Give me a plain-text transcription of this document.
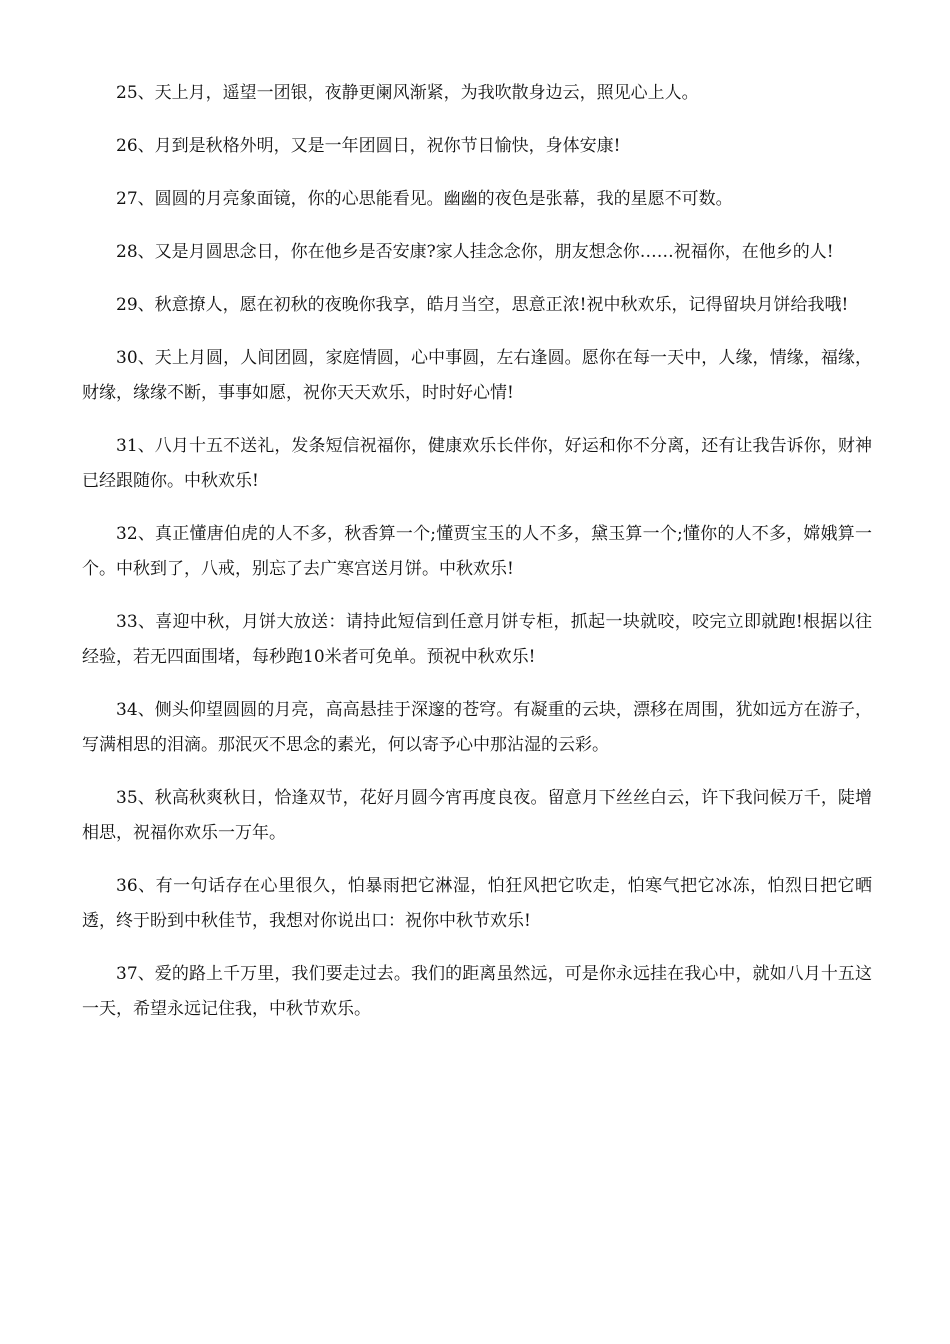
25、天上月，遥望一团银，夜静更阑风渐紧，为我吹散身边云，照见心上人。

26、月到是秋格外明，又是一年团圆日，祝你节日愉快，身体安康!

27、圆圆的月亮象面镜，你的心思能看见。幽幽的夜色是张幕，我的星愿不可数。

28、又是月圆思念日，你在他乡是否安康?家人挂念念你，朋友想念你……祝福你，在他乡的人!

29、秋意撩人，愿在初秋的夜晚你我享，皓月当空，思意正浓!祝中秋欢乐，记得留块月饼给我哦!

30、天上月圆，人间团圆，家庭情圆，心中事圆，左右逢圆。愿你在每一天中，人缘，情缘，福缘，财缘，缘缘不断，事事如愿，祝你天天欢乐，时时好心情!

31、八月十五不送礼，发条短信祝福你，健康欢乐长伴你，好运和你不分离，还有让我告诉你，财神已经跟随你。中秋欢乐!

32、真正懂唐伯虎的人不多，秋香算一个;懂贾宝玉的人不多，黛玉算一个;懂你的人不多，嫦娥算一个。中秋到了，八戒，别忘了去广寒宫送月饼。中秋欢乐!

33、喜迎中秋，月饼大放送：请持此短信到任意月饼专柜，抓起一块就咬，咬完立即就跑!根据以往经验，若无四面围堵，每秒跑10米者可免单。预祝中秋欢乐!

34、侧头仰望圆圆的月亮，高高悬挂于深邃的苍穹。有凝重的云块，漂移在周围，犹如远方在游子，写满相思的泪滴。那泯灭不思念的素光，何以寄予心中那沾湿的云彩。

35、秋高秋爽秋日，恰逢双节，花好月圆今宵再度良夜。留意月下丝丝白云，许下我问候万千，陡增相思，祝福你欢乐一万年。

36、有一句话存在心里很久，怕暴雨把它淋湿，怕狂风把它吹走，怕寒气把它冰冻，怕烈日把它晒透，终于盼到中秋佳节，我想对你说出口：祝你中秋节欢乐!

37、爱的路上千万里，我们要走过去。我们的距离虽然远，可是你永远挂在我心中，就如八月十五这一天，希望永远记住我，中秋节欢乐。
